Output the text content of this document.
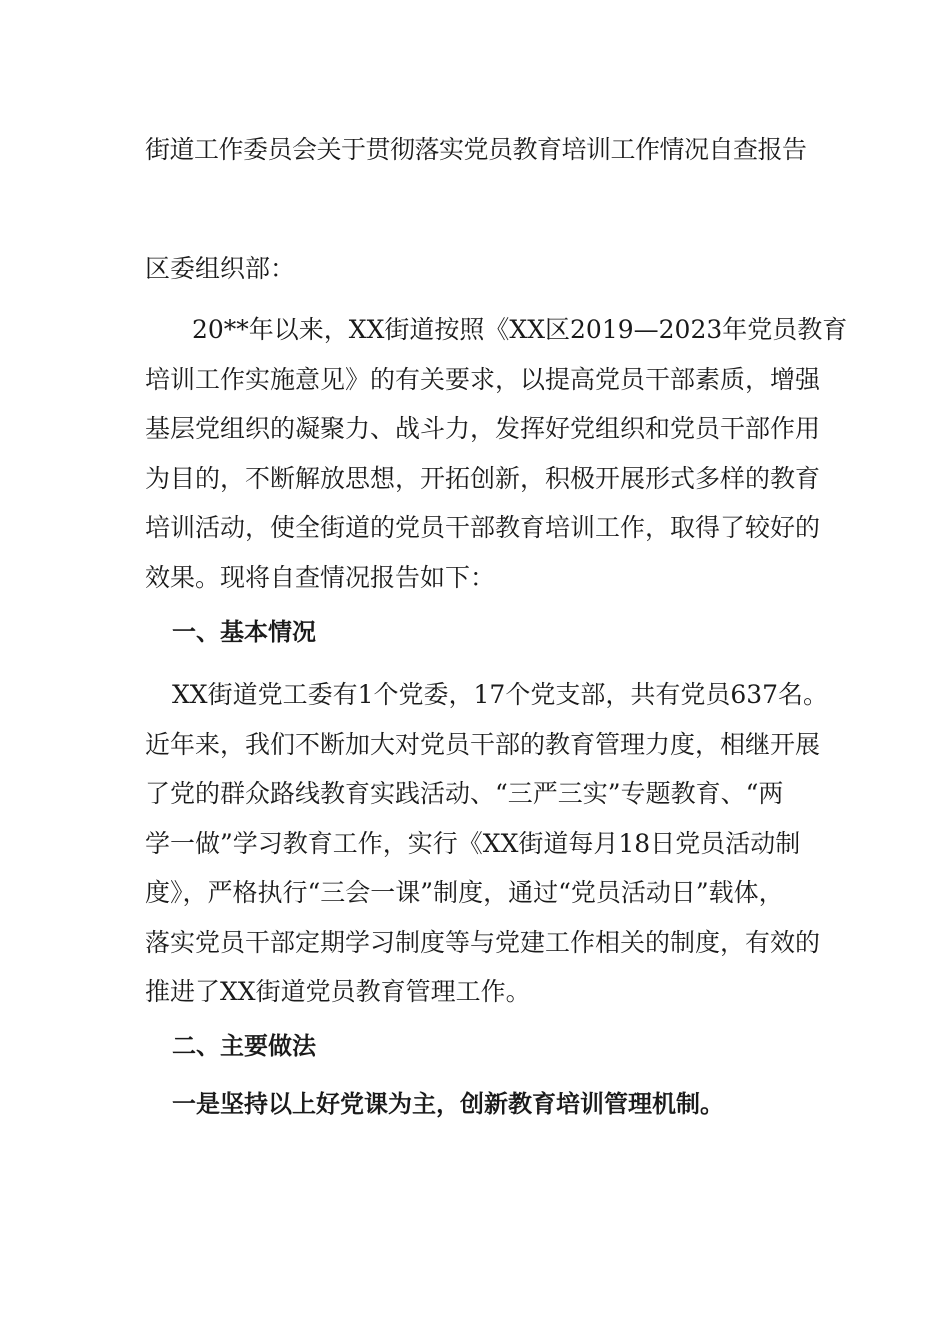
街道工作委员会关于贯彻落实党员教育培训工作情况自查报告
区委组织部：
20**年以来，XX街道按照《XX区2019—2023年党员教育
培训工作实施意见》的有关要求，以提高党员干部素质，增强
基层党组织的凝聚力、战斗力，发挥好党组织和党员干部作用
为目的，不断解放思想，开拓创新，积极开展形式多样的教育
培训活动，使全街道的党员干部教育培训工作，取得了较好的
效果。现将自查情况报告如下：
一、基本情况
XX街道党工委有1个党委，17个党支部，共有党员637名。
近年来，我们不断加大对党员干部的教育管理力度，相继开展
了党的群众路线教育实践活动、“三严三实”专题教育、“两
学一做”学习教育工作，实行《XX街道每月18日党员活动制
度》，严格执行“三会一课”制度，通过“党员活动日”载体，
落实党员干部定期学习制度等与党建工作相关的制度，有效的
推进了XX街道党员教育管理工作。
二、主要做法
一是坚持以上好党课为主，创新教育培训管理机制。
